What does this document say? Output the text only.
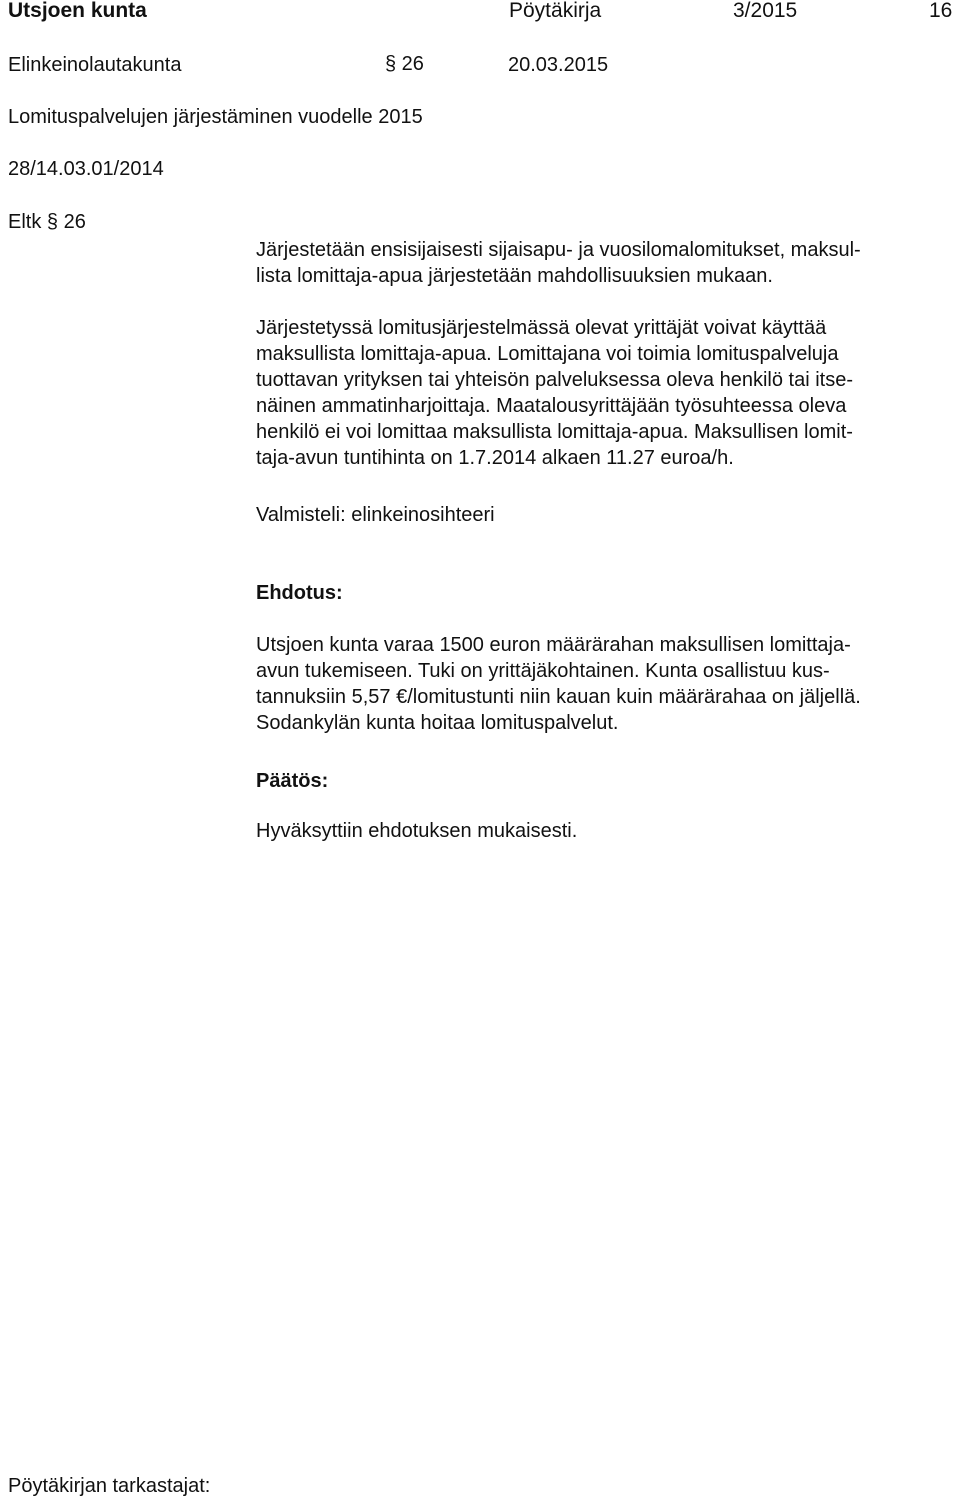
Utsjoen kunta	Pöytäkirja	3/2015	16
Elinkeinolautakunta	§ 26	20.03.2015
Lomituspalvelujen järjestäminen vuodelle 2015
28/14.03.01/2014
Eltk § 26
Järjestetään ensisijaisesti sijaisapu- ja vuosilomalomitukset, maksul-
lista lomittaja-apua järjestetään mahdollisuuksien mukaan.
Järjestetyssä lomitusjärjestelmässä olevat yrittäjät voivat käyttää
maksullista lomittaja-apua. Lomittajana voi toimia lomituspalveluja
tuottavan yrityksen tai yhteisön palveluksessa oleva henkilö tai itse-
näinen ammatinharjoittaja. Maatalousyrittäjään työsuhteessa oleva
henkilö ei voi lomittaa maksullista lomittaja-apua. Maksullisen lomit-
taja-avun tuntihinta on 1.7.2014 alkaen 11.27 euroa/h.
Valmisteli: elinkeinosihteeri
Ehdotus:
Utsjoen kunta varaa 1500 euron määrärahan maksullisen lomittaja-
avun tukemiseen. Tuki on yrittäjäkohtainen. Kunta osallistuu kus-
tannuksiin 5,57 €/lomitustunti niin kauan kuin määrärahaa on jäljellä.
Sodankylän kunta hoitaa lomituspalvelut.
Päätös:
Hyväksyttiin ehdotuksen mukaisesti.
Pöytäkirjan tarkastajat:
